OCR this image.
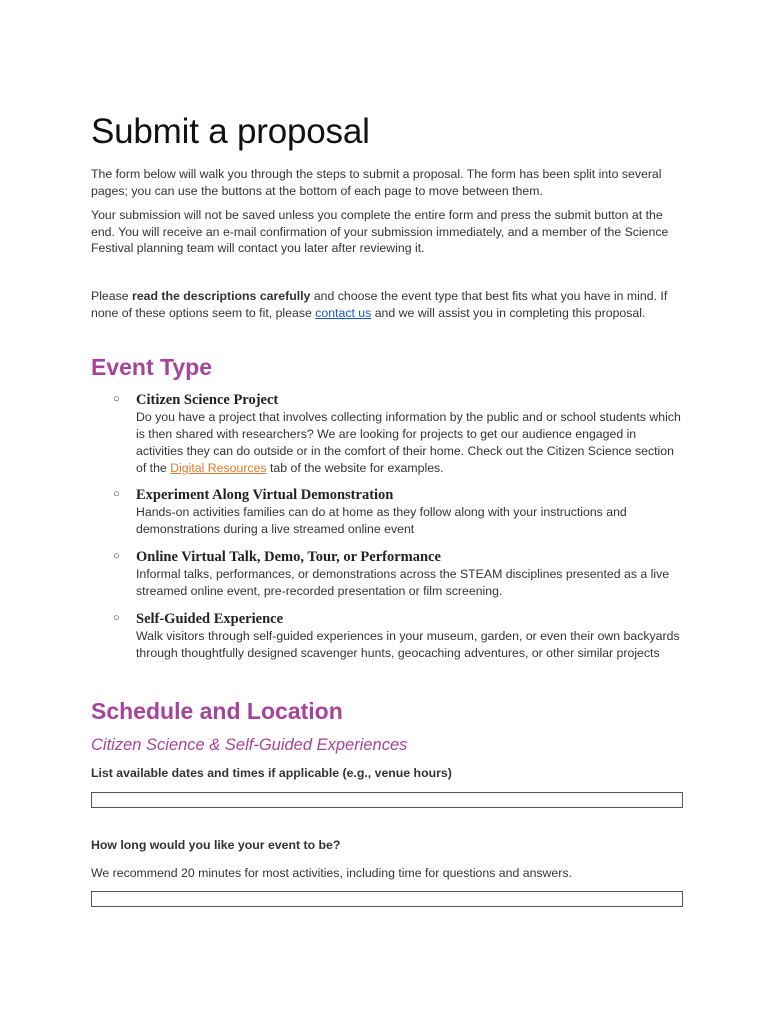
Submit a proposal

The form below will walk you through the steps to submit a proposal. The form has been split into several pages; you can use the buttons at the bottom of each page to move between them.

Your submission will not be saved unless you complete the entire form and press the submit button at the end. You will receive an e-mail confirmation of your submission immediately, and a member of the Science Festival planning team will contact you later after reviewing it.

Please read the descriptions carefully and choose the event type that best fits what you have in mind. If none of these options seem to fit, please contact us and we will assist you in completing this proposal.

Event Type
○ Citizen Science Project

Do you have a project that involves collecting information by the public and or school students which is then shared with researchers? We are looking for projects to get our audience engaged in activities they can do outside or in the comfort of their home. Check out the Citizen Science section of the Digital Resources tab of the website for examples.

○ Experiment Along Virtual Demonstration

Hands-on activities families can do at home as they follow along with your instructions and demonstrations during a live streamed online event

○ Online Virtual Talk, Demo, Tour, or Performance

Informal talks, performances, or demonstrations across the STEAM disciplines presented as a live streamed online event, pre-recorded presentation or film screening.

○ Self-Guided Experience

Walk visitors through self-guided experiences in your museum, garden, or even their own backyards through thoughtfully designed scavenger hunts, geocaching adventures, or other similar projects

Schedule and Location
Citizen Science & Self-Guided Experiences

List available dates and times if applicable (e.g., venue hours)

How long would you like your event to be?

We recommend 20 minutes for most activities, including time for questions and answers.
